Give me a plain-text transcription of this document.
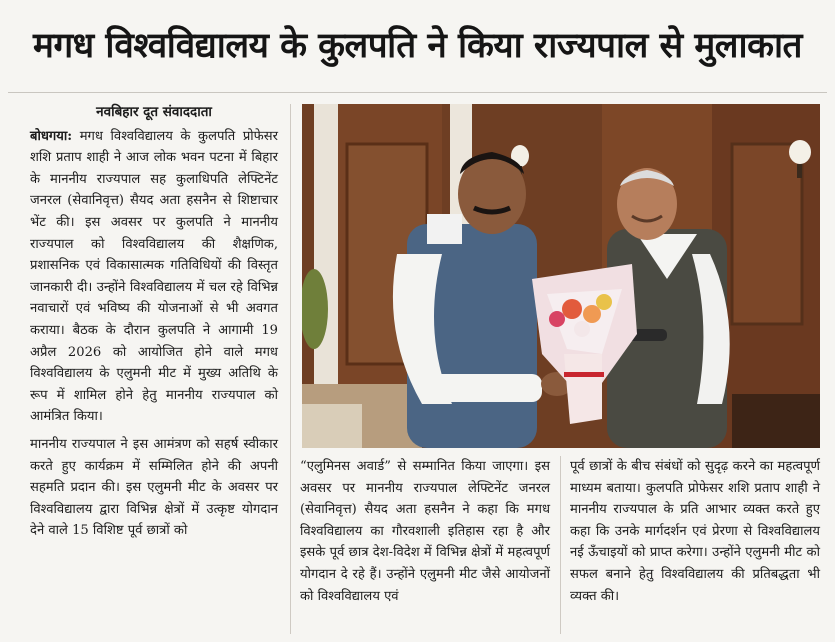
मगध विश्वविद्यालय के कुलपति ने किया राज्यपाल से मुलाकात
नवबिहार दूत संवाददाता

बोधगया: मगध विश्वविद्यालय के कुलपति प्रोफेसर शशि प्रताप शाही ने आज लोक भवन पटना में बिहार के माननीय राज्यपाल सह कुलाधिपति लेफ्टिनेंट जनरल (सेवानिवृत्त) सैयद अता हसनैन से शिष्टाचार भेंट की। इस अवसर पर कुलपति ने माननीय राज्यपाल को विश्वविद्यालय की शैक्षणिक, प्रशासनिक एवं विकासात्मक गतिविधियों की विस्तृत जानकारी दी। उन्होंने विश्वविद्यालय में चल रहे विभिन्न नवाचारों एवं भविष्य की योजनाओं से भी अवगत कराया। बैठक के दौरान कुलपति ने आगामी 19 अप्रैल 2026 को आयोजित होने वाले मगध विश्वविद्यालय के एलुमनी मीट में मुख्य अतिथि के रूप में शामिल होने हेतु माननीय राज्यपाल को आमंत्रित किया।

माननीय राज्यपाल ने इस आमंत्रण को सहर्ष स्वीकार करते हुए कार्यक्रम में सम्मिलित होने की अपनी सहमति प्रदान की। इस एलुमनी मीट के अवसर पर विश्वविद्यालय द्वारा विभिन्न क्षेत्रों में उत्कृष्ट योगदान देने वाले 15 विशिष्ट पूर्व छात्रों को

“एलुमिनस अवार्ड” से सम्मानित किया जाएगा। इस अवसर पर माननीय राज्यपाल लेफ्टिनेंट जनरल (सेवानिवृत्त) सैयद अता हसनैन ने कहा कि मगध विश्वविद्यालय का गौरवशाली इतिहास रहा है और इसके पूर्व छात्र देश-विदेश में विभिन्न क्षेत्रों में महत्वपूर्ण योगदान दे रहे हैं। उन्होंने एलुमनी मीट जैसे आयोजनों को विश्वविद्यालय एवं

पूर्व छात्रों के बीच संबंधों को सुदृढ़ करने का महत्वपूर्ण माध्यम बताया। कुलपति प्रोफेसर शशि प्रताप शाही ने माननीय राज्यपाल के प्रति आभार व्यक्त करते हुए कहा कि उनके मार्गदर्शन एवं प्रेरणा से विश्वविद्यालय नई ऊँचाइयों को प्राप्त करेगा। उन्होंने एलुमनी मीट को सफल बनाने हेतु विश्वविद्यालय की प्रतिबद्धता भी व्यक्त की।
